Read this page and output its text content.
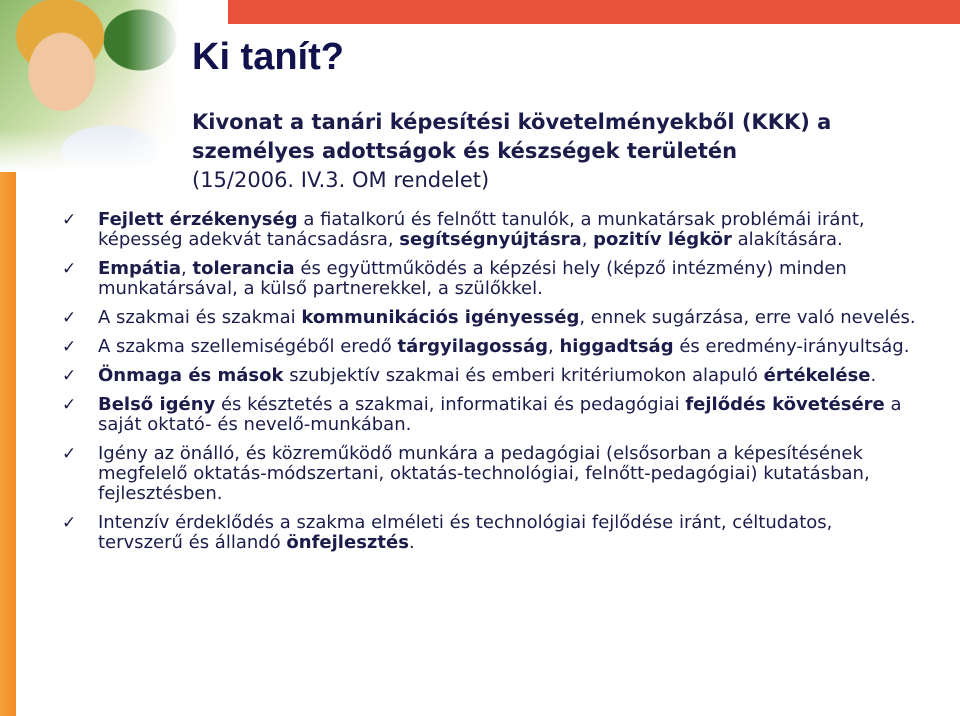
Ki tanít?
Kivonat a tanári képesítési követelményekből (KKK) a személyes adottságok és készségek területén
(15/2006. IV.3. OM rendelet)
✓ Fejlett érzékenység a fiatalkorú és felnőtt tanulók, a munkatársak problémái iránt, képesség adekvát tanácsadásra, segítségnyújtásra, pozitív légkör alakítására.
✓ Empátia, tolerancia és együttműködés a képzési hely (képző intézmény) minden munkatársával, a külső partnerekkel, a szülőkkel.
✓ A szakmai és szakmai kommunikációs igényesség, ennek sugárzása, erre való nevelés.
✓ A szakma szellemiségéből eredő tárgyilagosság, higgadtság és eredmény-irányultság.
✓ Önmaga és mások szubjektív szakmai és emberi kritériumokon alapuló értékelése.
✓ Belső igény és késztetés a szakmai, informatikai és pedagógiai fejlődés követésére a saját oktató- és nevelő-munkában.
✓ Igény az önálló, és közreműködő munkára a pedagógiai (elsősorban a képesítésének megfelelő oktatás-módszertani, oktatás-technológiai, felnőtt-pedagógiai) kutatásban, fejlesztésben.
✓ Intenzív érdeklődés a szakma elméleti és technológiai fejlődése iránt, céltudatos, tervszerű és állandó önfejlesztés.
